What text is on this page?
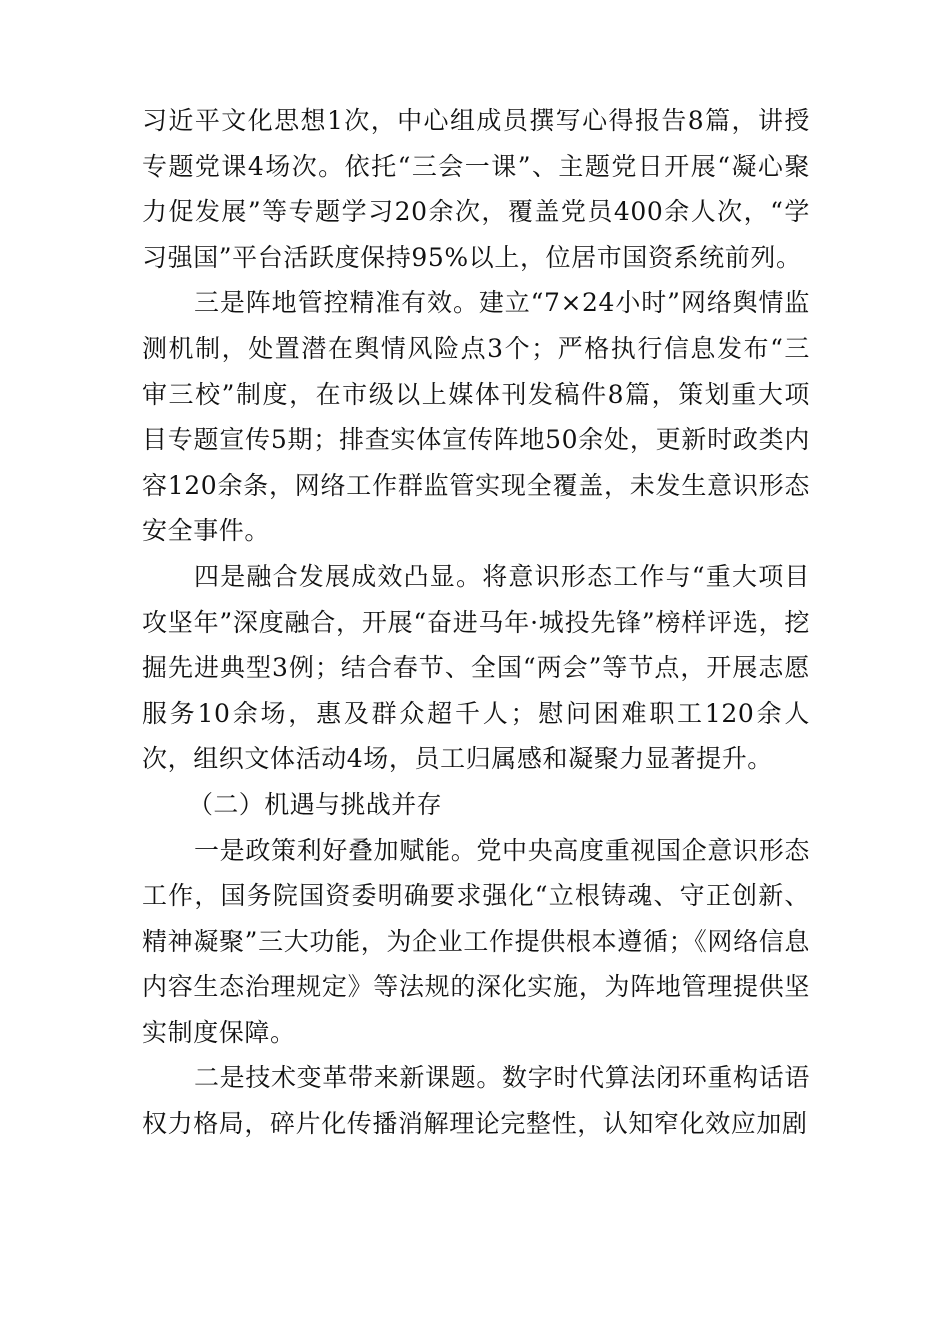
习近平文化思想1次，中心组成员撰写心得报告8篇，讲授专题党课4场次。依托“三会一课”、主题党日开展“凝心聚力促发展”等专题学习20余次，覆盖党员400余人次，“学习强国”平台活跃度保持95%以上，位居市国资系统前列。

三是阵地管控精准有效。建立“7×24小时”网络舆情监测机制，处置潜在舆情风险点3个；严格执行信息发布“三审三校”制度，在市级以上媒体刊发稿件8篇，策划重大项目专题宣传5期；排查实体宣传阵地50余处，更新时政类内容120余条，网络工作群监管实现全覆盖，未发生意识形态安全事件。

四是融合发展成效凸显。将意识形态工作与“重大项目攻坚年”深度融合，开展“奋进马年·城投先锋”榜样评选，挖掘先进典型3例；结合春节、全国“两会”等节点，开展志愿服务10余场，惠及群众超千人；慰问困难职工120余人次，组织文体活动4场，员工归属感和凝聚力显著提升。

（二）机遇与挑战并存

一是政策利好叠加赋能。党中央高度重视国企意识形态工作，国务院国资委明确要求强化“立根铸魂、守正创新、精神凝聚”三大功能，为企业工作提供根本遵循；《网络信息内容生态治理规定》等法规的深化实施，为阵地管理提供坚实制度保障。

二是技术变革带来新课题。数字时代算法闭环重构话语权力格局，碎片化传播消解理论完整性，认知窄化效应加剧
